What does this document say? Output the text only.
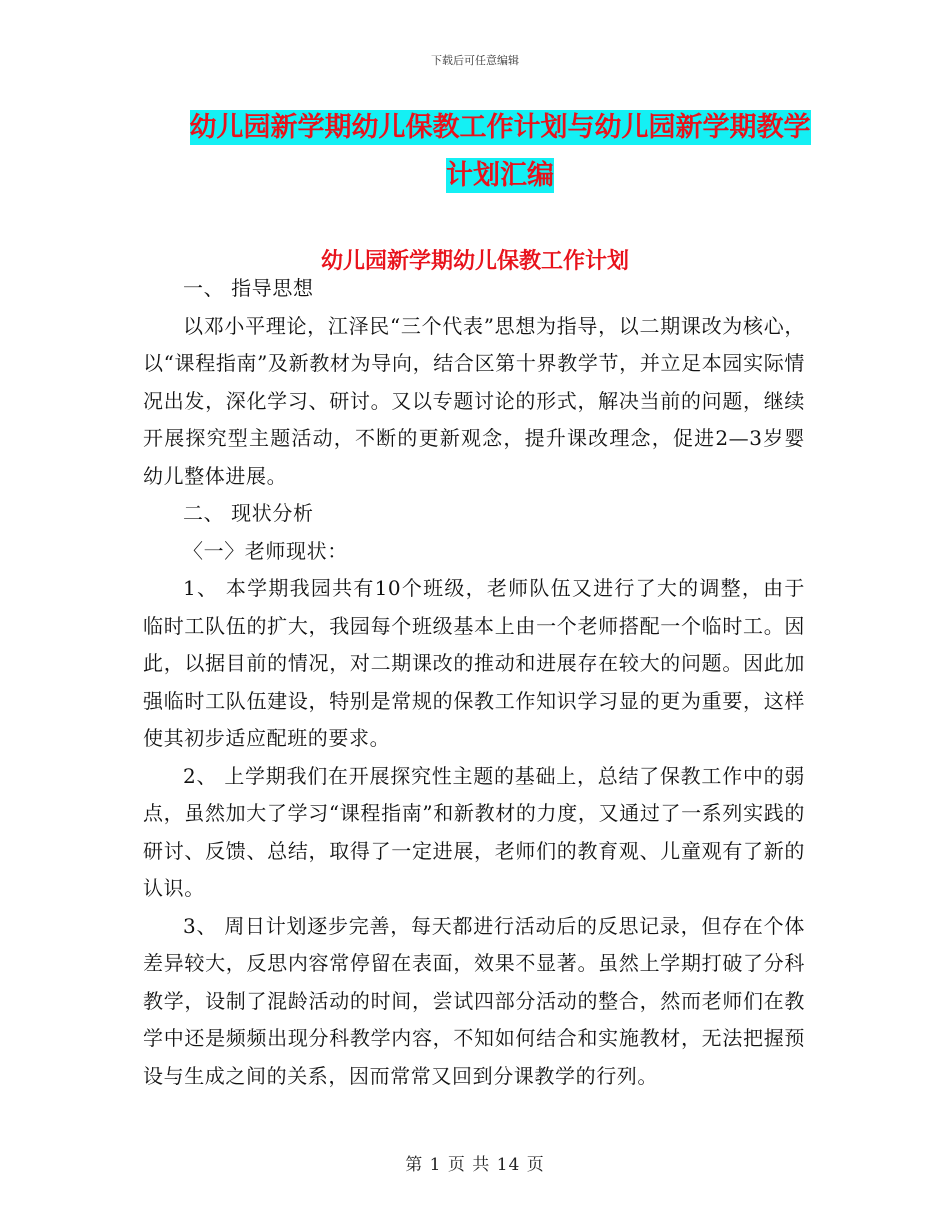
下载后可任意编辑
幼儿园新学期幼儿保教工作计划与幼儿园新学期教学
计划汇编
幼儿园新学期幼儿保教工作计划

一、 指导思想

以邓小平理论，江泽民“三个代表”思想为指导，以二期课改为核心，以“课程指南”及新教材为导向，结合区第十界教学节，并立足本园实际情况出发，深化学习、研讨。又以专题讨论的形式，解决当前的问题，继续开展探究型主题活动，不断的更新观念，提升课改理念，促进2—3岁婴幼儿整体进展。

二、 现状分析

〈一〉老师现状：

1、 本学期我园共有10个班级，老师队伍又进行了大的调整，由于临时工队伍的扩大，我园每个班级基本上由一个老师搭配一个临时工。因此，以据目前的情况，对二期课改的推动和进展存在较大的问题。因此加强临时工队伍建设，特别是常规的保教工作知识学习显的更为重要，这样使其初步适应配班的要求。

2、 上学期我们在开展探究性主题的基础上，总结了保教工作中的弱点，虽然加大了学习“课程指南”和新教材的力度，又通过了一系列实践的研讨、反馈、总结，取得了一定进展，老师们的教育观、儿童观有了新的认识。

3、 周日计划逐步完善，每天都进行活动后的反思记录，但存在个体差异较大，反思内容常停留在表面，效果不显著。虽然上学期打破了分科教学，设制了混龄活动的时间，尝试四部分活动的整合，然而老师们在教学中还是频频出现分科教学内容，不知如何结合和实施教材，无法把握预设与生成之间的关系，因而常常又回到分课教学的行列。

第 1 页 共 14 页
